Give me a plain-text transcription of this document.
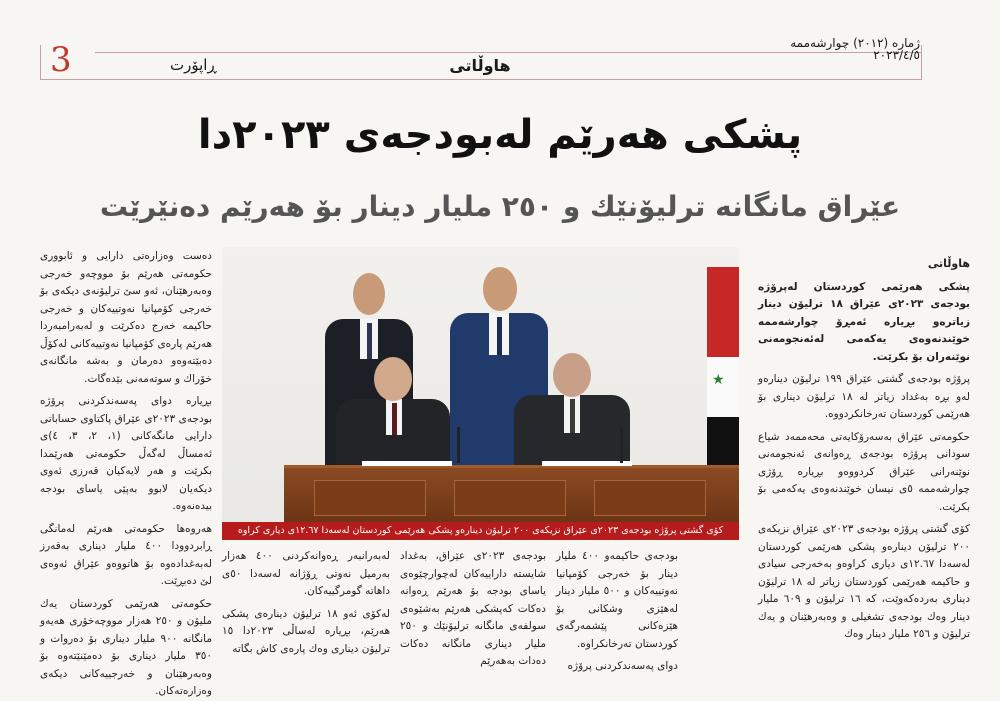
3	ڕاپۆرت	هاوڵاتی
ژماره (٢٠١٢) چوارشەممه
٢٠٢٣/٤/٥
پشکی هەرێم لەبودجەی ٢٠٢٣دا
عێراق مانگانه ترلیۆنێك و ٢٥٠ ملیار دینار بۆ هەرێم دەنێرێت

هاوڵاتی

پشکی هەرێمی کوردستان لەپرۆژه بودجەی ٢٠٢٣ی عێراق ١٨ ترلیۆن دینار زیاتره‌و بڕیاره ئەمڕۆ چوارشەممه خوێندنەوەی یەکەمی لەئەنجومەنی نوێنەران بۆ بکرێت.

پرۆژه بودجەی گشتی عێراق ١٩٩ ترلیۆن دیناره‌و لەو بڕه بەغداد زیاتر له ١٨ ترلیۆن دیناری بۆ هەرێمی کوردستان تەرخانکردووه.

حکومەتی عێراق بەسەرۆکایەتی محەممەد شیاع سودانی پرۆژه بودجەی ڕەوانەی ئەنجومەنی نوێنەرانی عێراق کردووەو بڕیاره ڕۆژی چوارشەممه ٥ی نیسان خوێندنەوەی یەکەمی بۆ بکرێت.

کۆی گشتی پرۆژه بودجەی ٢٠٢٣ی عێراق نزیکەی ٢٠٠ ترلیۆن دیناره‌و پشکی هەرێمی کوردستان لەسەدا ١٢.٦٧ی دیاری کراوەو بەخەرجی سیادی و حاکیمه هەرێمی کوردستان زیاتر له ١٨ ترلیۆن دیناری بەرده‌کەوێت، که ١٦ ترلیۆن و ٦٠٩ ملیار دینار وەك بودجەی تشغیلی و وەبەرهێنان و یەك ترلیۆن و ٢٥٦ ملیار دینار وەك

دەست وەزارەتی دارایی و ئابووری حکومەتی هەرێم بۆ مووچەو خەرجی وەبەرهێنان، ئەو سێ ترلیۆنەی دیکەی بۆ خەرجی کۆمپانیا نەوتییەکان و خەرجی حاکیمه خەرج دەکرێت و لەبەرامبەردا هەرێم پارەی کۆمپانیا نەوتییەکانی لەکۆڵ دەبێتەوەو دەرمان و بەشه مانگانەی خۆراك و سوتەمەنی بێدەگات.

بڕیاره دوای پەسەندکردنی پرۆژه بودجەی ٢٠٢٣ی عێراق پاکتاوی حساباتی دارایی مانگەکانی (١، ٢، ٣، ٤)ی ئەمساڵ لەگەڵ حکومەتی هەرێمدا بکرێت و هەر لایەکیان قەرزی ئەوی دیکەیان لابوو بەپێی یاسای بودجه بیدەنەوه.

هەروەها حکومەتی هەرێم لەمانگی ڕابردوودا ٤٠٠ ملیار دیناری بەقەرز لەبەغدادەوه بۆ هاتووەو عێراق ئەوەی لێ دەبڕێت.

حکومەتی هەرێمی کوردستان یەك ملیۆن و ٢٥٠ هەزار مووچەخۆری هەیەو مانگانه ٩٠٠ ملیار دیناری بۆ دەروات و ٣٥٠ ملیار دیناری بۆ دەمێنێتەوه بۆ وەبەرهێنان و خەرجییەکانی دیکەی وەزارەتەکان.

بودجەی حاکیمه‌و ٤٠٠ ملیار دینار بۆ خەرجی کۆمپانیا نەوتییەکان و ٥٠٠ ملیار دینار لەهێزی وشکانی بۆ هێزەکانی پێشمەرگەی کوردستان تەرخانکراوه.

دوای پەسەندکردنی پرۆژه

بودجەی ٢٠٢٣ی عێراق، بەغداد شایسته داراییەکان لەچوارچێوەی یاسای بودجه بۆ هەرێم ڕەوانه دەکات که‌پشکی هەرێم بەشێوەی سولفەی مانگانه ترلیۆنێك و ٢٥٠ ملیار دیناری مانگانه دەکات دەدات به‌هەرێم

لەبەرانبەر ڕەوانەکردنی ٤٠٠ هەزار بەرمیل نەوتی ڕۆژانه لەسەدا ٥٠ی داهاته گومرگییەکان.

لەکۆی ئەو ١٨ ترلیۆن دینارەی پشکی هەرێم، بڕیاره لەساڵی ٢٠٢٣دا ١٥ ترلیۆن دیناری وەك پارەی کاش بگاته

★
کۆی گشتی پرۆژه بودجه‌ی ٢٠٢٣ی عێراق نزیکه‌ی ٢٠٠ ترلیۆن دیناره‌و پشکی هەرێمی کوردستان لەسەدا ١٢.٦٧ی دیاری کراوه
